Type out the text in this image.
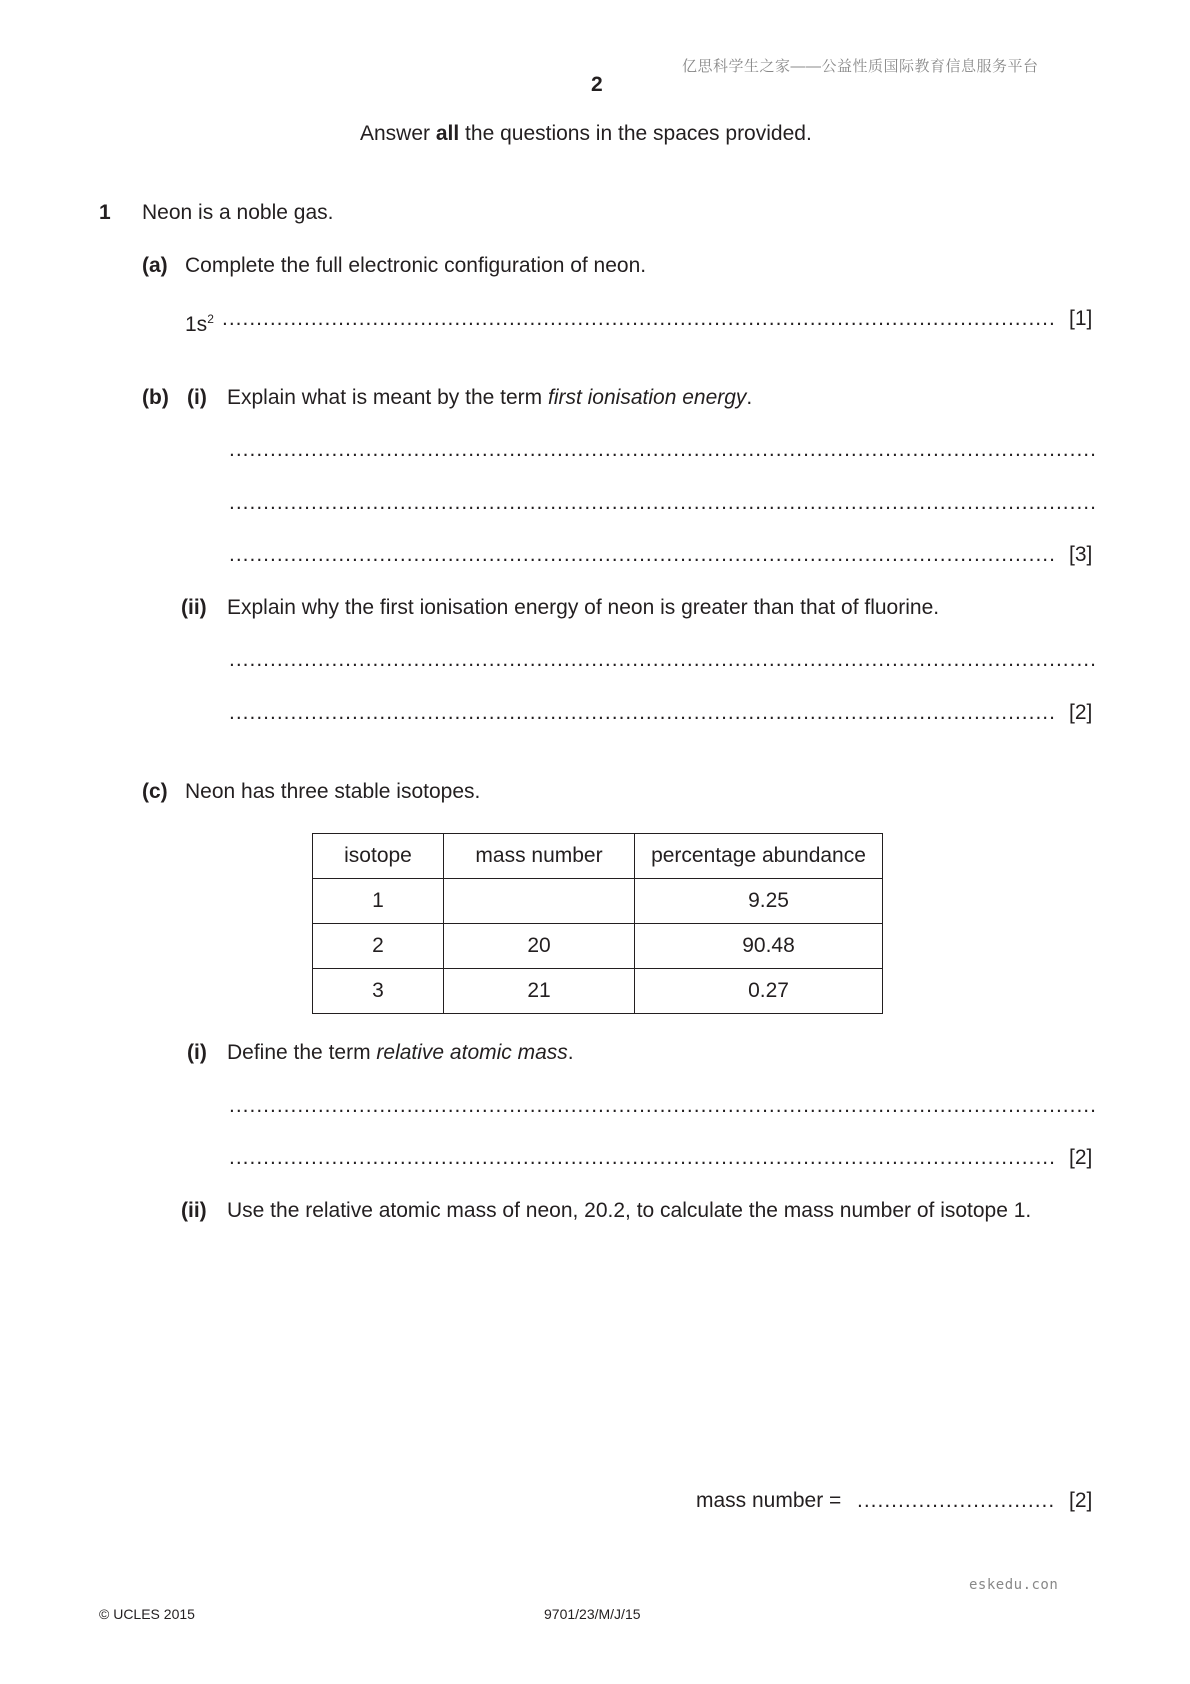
亿思科学生之家——公益性质国际教育信息服务平台
2
Answer all the questions in the spaces provided.
1 Neon is a noble gas.
(a) Complete the full electronic configuration of neon.
$1s^2$ .....	[1]
(b) (i) Explain what is meant by the term first ionisation energy.
.....
.....
.....
[3]
(ii) Explain why the first ionisation energy of neon is greater than that of fluorine.
.....
.....
[2]
(c) Neon has three stable isotopes.
isotope	mass number	percentage abundance
1		9.25
2	20	90.48
3	21	0.27
(i) Define the term relative atomic mass.
.....
.....
[2]
(ii) Use the relative atomic mass of neon, 20.2, to calculate the mass number of isotope 1.
mass number = .....	[2]
eskedu.con
© UCLES 2015	9701/23/M/J/15
